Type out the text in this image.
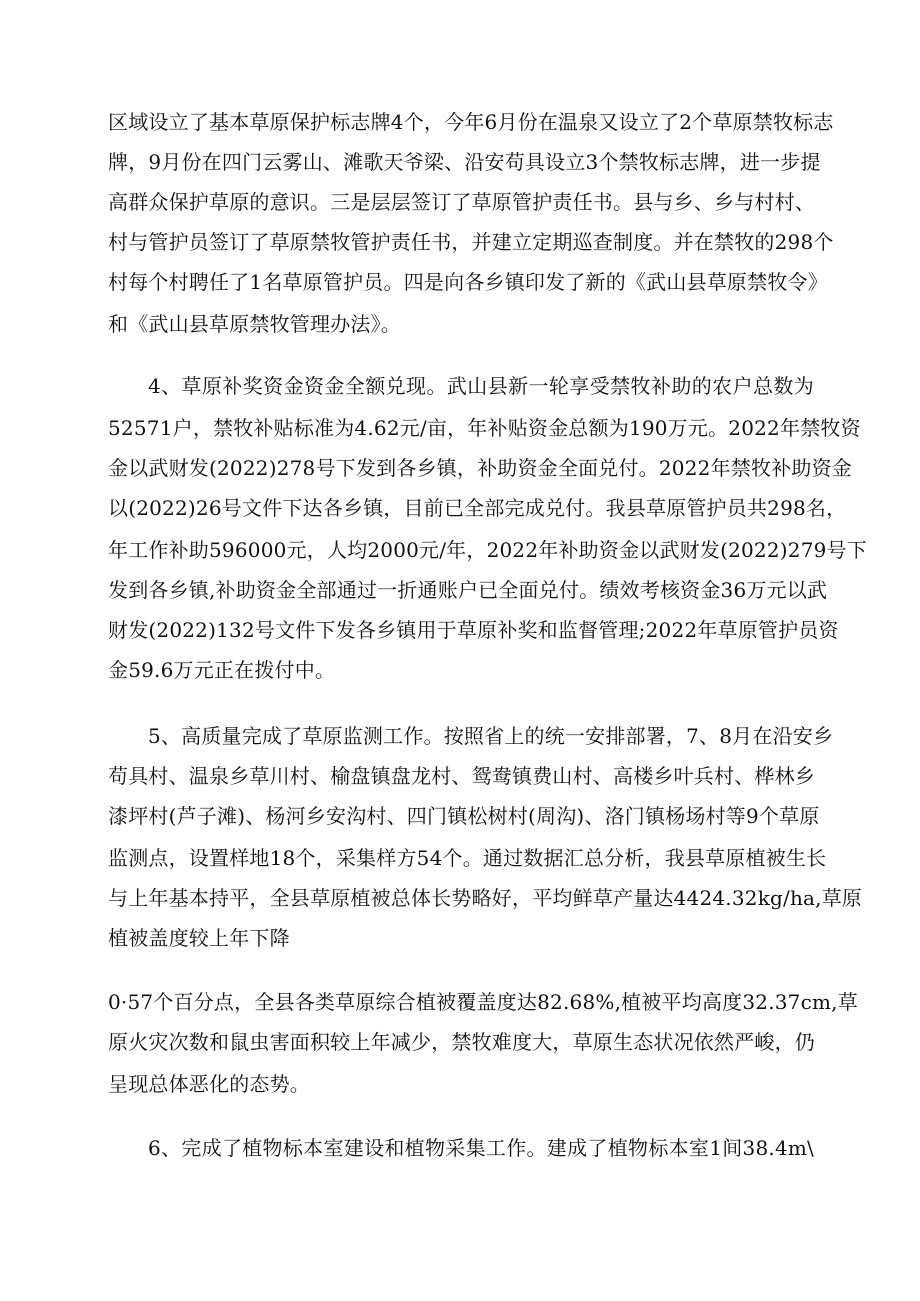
区域设立了基本草原保护标志牌4个，今年6月份在温泉又设立了2个草原禁牧标志
牌，9月份在四门云雾山、滩歌天爷梁、沿安苟具设立3个禁牧标志牌，进一步提
高群众保护草原的意识。三是层层签订了草原管护责任书。县与乡、乡与村村、
村与管护员签订了草原禁牧管护责任书，并建立定期巡查制度。并在禁牧的298个
村每个村聘任了1名草原管护员。四是向各乡镇印发了新的《武山县草原禁牧令》
和《武山县草原禁牧管理办法》。
4、草原补奖资金资金全额兑现。武山县新一轮享受禁牧补助的农户总数为
52571户，禁牧补贴标准为4.62元/亩，年补贴资金总额为190万元。2022年禁牧资
金以武财发(2022)278号下发到各乡镇，补助资金全面兑付。2022年禁牧补助资金
以(2022)26号文件下达各乡镇，目前已全部完成兑付。我县草原管护员共298名，
年工作补助596000元，人均2000元/年，2022年补助资金以武财发(2022)279号下
发到各乡镇,补助资金全部通过一折通账户已全面兑付。绩效考核资金36万元以武
财发(2022)132号文件下发各乡镇用于草原补奖和监督管理;2022年草原管护员资
金59.6万元正在拨付中。
5、高质量完成了草原监测工作。按照省上的统一安排部署，7、8月在沿安乡
苟具村、温泉乡草川村、榆盘镇盘龙村、鸳鸯镇费山村、高楼乡叶兵村、桦林乡
漆坪村(芦子滩)、杨河乡安沟村、四门镇松树村(周沟)、洛门镇杨场村等9个草原
监测点，设置样地18个，采集样方54个。通过数据汇总分析，我县草原植被生长
与上年基本持平，全县草原植被总体长势略好，平均鲜草产量达4424.32kg/ha,草原
植被盖度较上年下降
0·57个百分点，全县各类草原综合植被覆盖度达82.68%,植被平均高度32.37cm,草
原火灾次数和鼠虫害面积较上年减少，禁牧难度大，草原生态状况依然严峻，仍
呈现总体恶化的态势。
6、完成了植物标本室建设和植物采集工作。建成了植物标本室1间38.4m\
